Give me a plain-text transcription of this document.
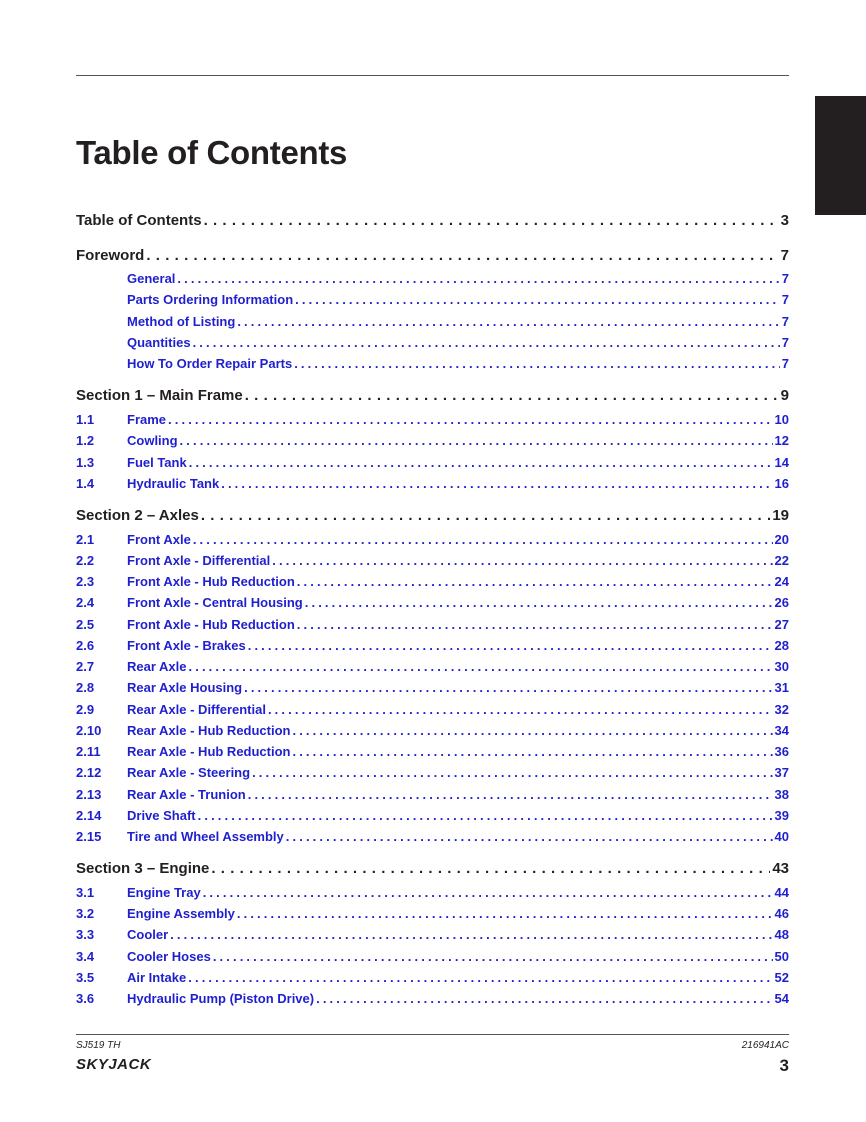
Table of Contents
Table of Contents . . .	3
Foreword . . .	7
General . . .	7
Parts Ordering Information . . .	7
Method of Listing . . .	7
Quantities . . .	7
How To Order Repair Parts . . .	7
Section 1 – Main Frame . . .	9
1.1	Frame . . .	10
1.2	Cowling . . .	12
1.3	Fuel Tank . . .	14
1.4	Hydraulic Tank . . .	16
Section 2 – Axles . . .	19
2.1	Front Axle . . .	20
2.2	Front Axle - Differential . . .	22
2.3	Front Axle - Hub Reduction . . .	24
2.4	Front Axle - Central Housing . . .	26
2.5	Front Axle - Hub Reduction . . .	27
2.6	Front Axle - Brakes . . .	28
2.7	Rear Axle . . .	30
2.8	Rear Axle Housing . . .	31
2.9	Rear Axle - Differential . . .	32
2.10	Rear Axle - Hub Reduction . . .	34
2.11	Rear Axle - Hub Reduction . . .	36
2.12	Rear Axle - Steering . . .	37
2.13	Rear Axle - Trunion . . .	38
2.14	Drive Shaft . . .	39
2.15	Tire and Wheel Assembly . . .	40
Section 3 – Engine . . .	43
3.1	Engine Tray . . .	44
3.2	Engine Assembly . . .	46
3.3	Cooler . . .	48
3.4	Cooler Hoses . . .	50
3.5	Air Intake . . .	52
3.6	Hydraulic Pump (Piston Drive) . . .	54
SJ519 TH	216941AC
SKYJACK	3
